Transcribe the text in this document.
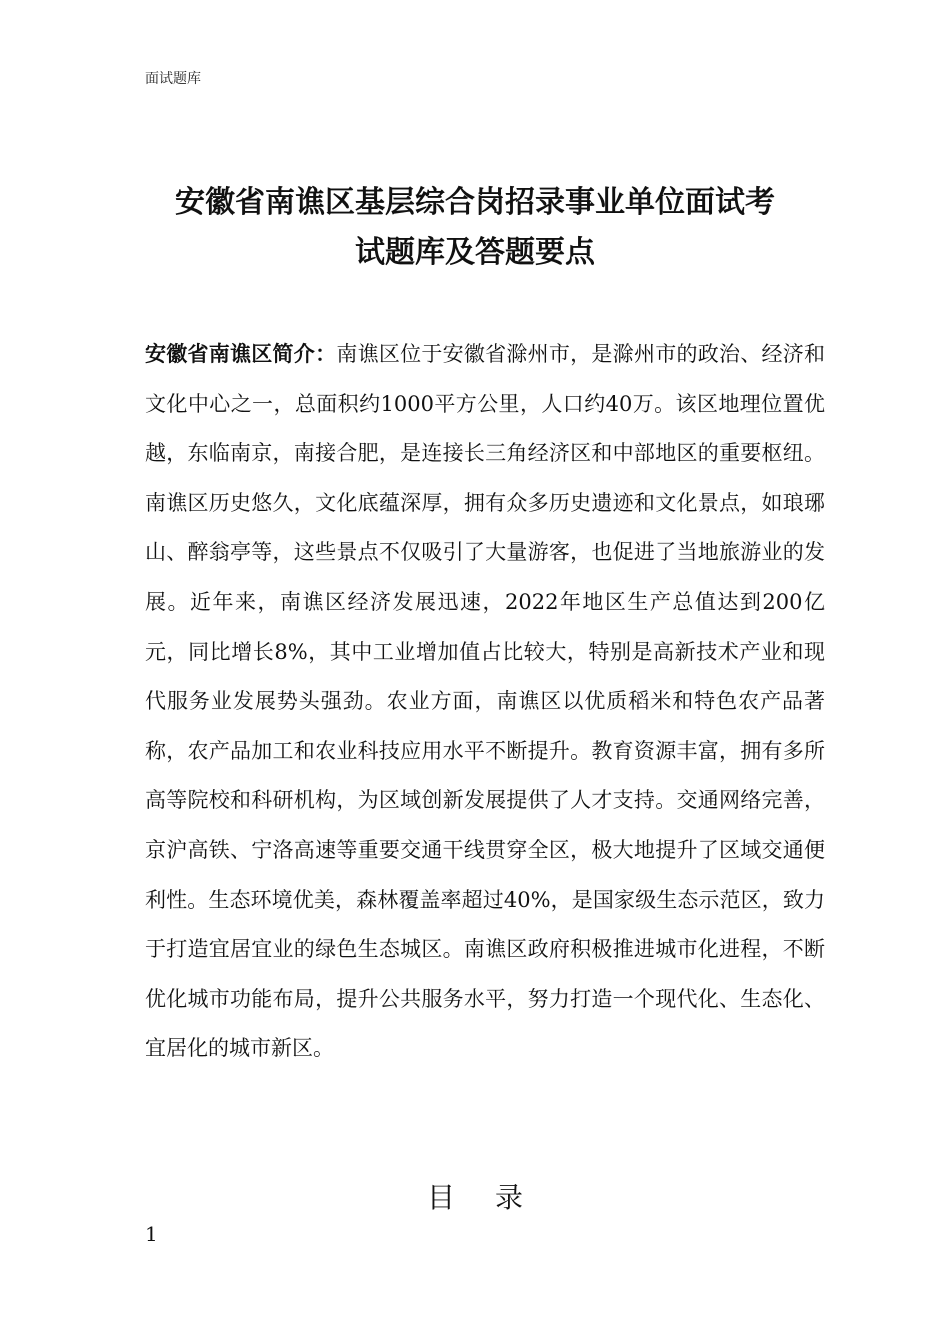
面试题库
安徽省南谯区基层综合岗招录事业单位面试考
试题库及答题要点
安徽省南谯区简介：南谯区位于安徽省滁州市，是滁州市的政治、经济和文化中心之一，总面积约1000平方公里，人口约40万。该区地理位置优越，东临南京，南接合肥，是连接长三角经济区和中部地区的重要枢纽。南谯区历史悠久，文化底蕴深厚，拥有众多历史遗迹和文化景点，如琅琊山、醉翁亭等，这些景点不仅吸引了大量游客，也促进了当地旅游业的发展。近年来，南谯区经济发展迅速，2022年地区生产总值达到200亿元，同比增长8%，其中工业增加值占比较大，特别是高新技术产业和现代服务业发展势头强劲。农业方面，南谯区以优质稻米和特色农产品著称，农产品加工和农业科技应用水平不断提升。教育资源丰富，拥有多所高等院校和科研机构，为区域创新发展提供了人才支持。交通网络完善，京沪高铁、宁洛高速等重要交通干线贯穿全区，极大地提升了区域交通便利性。生态环境优美，森林覆盖率超过40%，是国家级生态示范区，致力于打造宜居宜业的绿色生态城区。南谯区政府积极推进城市化进程，不断优化城市功能布局，提升公共服务水平，努力打造一个现代化、生态化、宜居化的城市新区。
目录
1
